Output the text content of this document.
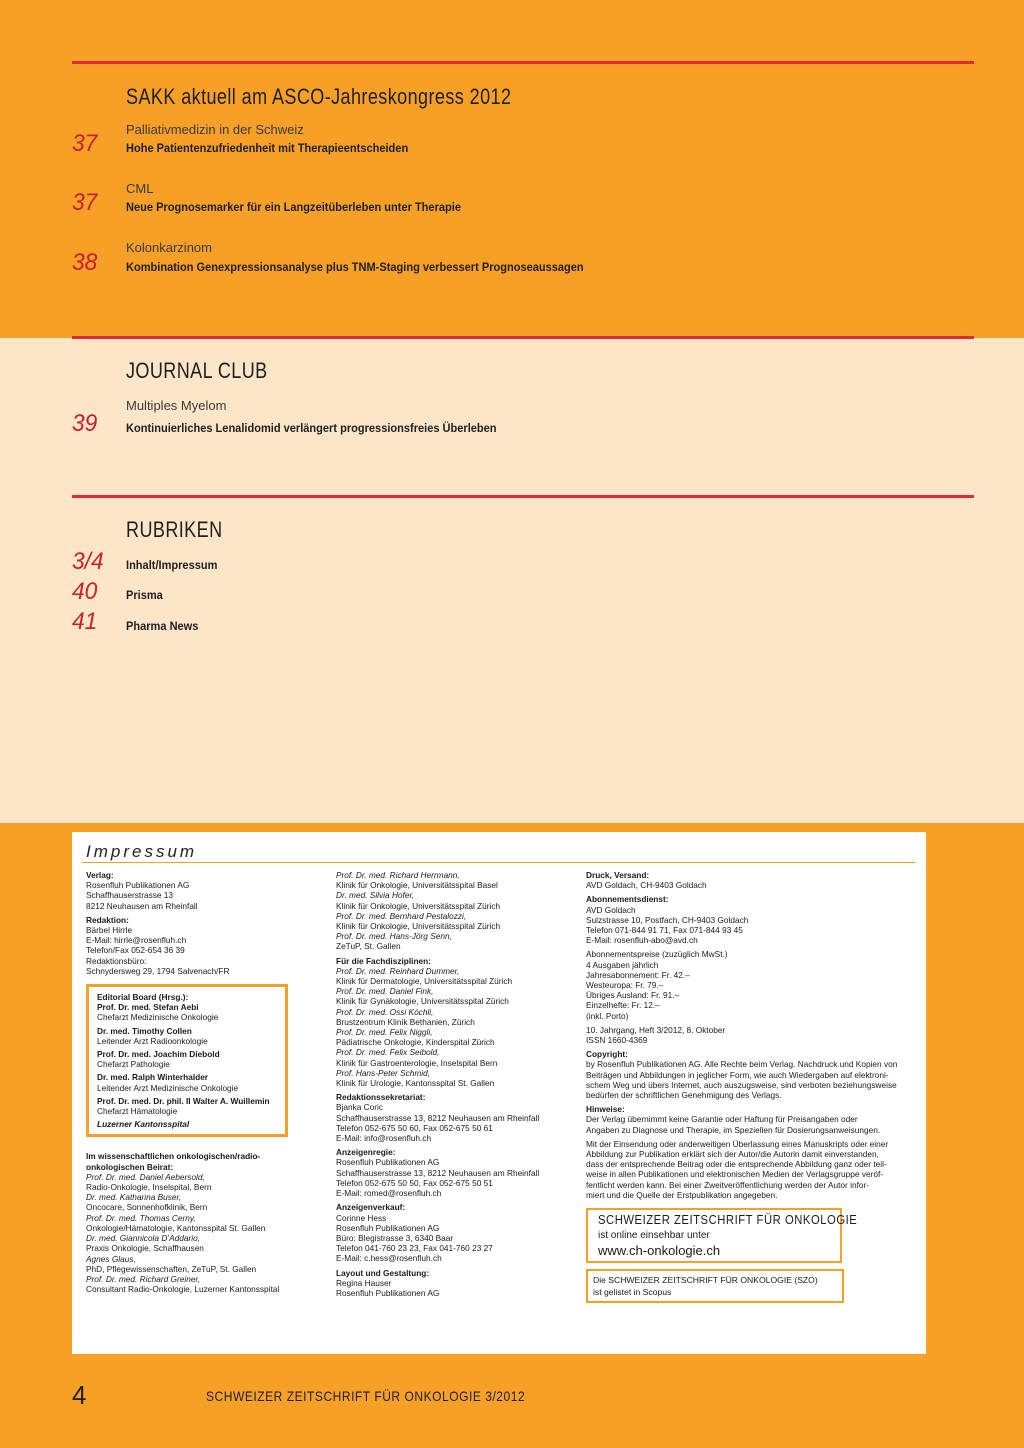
SAKK aktuell am ASCO-Jahreskongress 2012
Palliativmedizin in der Schweiz
37 Hohe Patientenzufriedenheit mit Therapieentscheiden
CML
37 Neue Prognosemarker für ein Langzeitüberleben unter Therapie
Kolonkarzinom
38 Kombination Genexpressionsanalyse plus TNM-Staging verbessert Prognoseaussagen
JOURNAL CLUB
Multiples Myelom
39 Kontinuierliches Lenalidomid verlängert progressionsfreies Überleben
RUBRIKEN
3/4 Inhalt/Impressum
40 Prisma
41 Pharma News
Impressum
Verlag:
Rosenfluh Publikationen AG
Schaffhauserstrasse 13
8212 Neuhausen am Rheinfall
Redaktion:
Bärbel Hirrle
E-Mail: hirrle@rosenfluh.ch
Telefon/Fax 052-654 36 39
Redaktionsbüro:
Schnydersweg 29, 1794 Salvenach/FR
Editorial Board (Hrsg.):
Prof. Dr. med. Stefan Aebi
Chefarzt Medizinische Onkologie
Dr. med. Timothy Collen
Leitender Arzt Radioonkologie
Prof. Dr. med. Joachim Diebold
Chefarzt Pathologie
Dr. med. Ralph Winterhalder
Leitender Arzt Medizinische Onkologie
Prof. Dr. med. Dr. phil. II Walter A. Wuillemin
Chefarzt Hämatologie
Luzerner Kantonsspital
Im wissenschaftlichen onkologischen/radio-onkologischen Beirat:
Prof. Dr. med. Daniel Aebersold,
Radio-Onkologie, Inselspital, Bern
Dr. med. Katharina Buser,
Oncocare, Sonnenhofklinik, Bern
Prof. Dr. med. Thomas Cerny,
Onkologie/Hämatologie, Kantonsspital St. Gallen
Dr. med. Giannicola D’Addario,
Praxis Onkologie, Schaffhausen
Agnes Glaus,
PhD, Pflegewissenschaften, ZeTuP, St. Gallen
Prof. Dr. med. Richard Greiner,
Consultant Radio-Onkologie, Luzerner Kantonsspital
Prof. Dr. med. Richard Herrmann,
Klinik für Onkologie, Universitätsspital Basel
Dr. med. Silvia Hofer,
Klinik für Onkologie, Universitätsspital Zürich
Prof. Dr. med. Bernhard Pestalozzi,
Klinik für Onkologie, Universitätsspital Zürich
Prof. Dr. med. Hans-Jörg Senn,
ZeTuP, St. Gallen
Für die Fachdisziplinen:
Prof. Dr. med. Reinhard Dummer,
Klinik für Dermatologie, Universitätsspital Zürich
Prof. Dr. med. Daniel Fink,
Klinik für Gynäkologie, Universitätsspital Zürich
Prof. Dr. med. Ossi Köchli,
Brustzentrum Klinik Bethanien, Zürich
Prof. Dr. med. Felix Niggli,
Pädiatrische Onkologie, Kinderspital Zürich
Prof. Dr. med. Felix Seibold,
Klinik für Gastroenterologie, Inselspital Bern
Prof. Hans-Peter Schmid,
Klinik für Urologie, Kantonsspital St. Gallen
Redaktionssekretariat:
Bjanka Coric
Schaffhauserstrasse 13, 8212 Neuhausen am Rheinfall
Telefon 052-675 50 60, Fax 052-675 50 61
E-Mail: info@rosenfluh.ch
Anzeigenregie:
Rosenfluh Publikationen AG
Schaffhauserstrasse 13, 8212 Neuhausen am Rheinfall
Telefon 052-675 50 50, Fax 052-675 50 51
E-Mail: romed@rosenfluh.ch
Anzeigenverkauf:
Corinne Hess
Rosenfluh Publikationen AG
Büro: Blegistrasse 3, 6340 Baar
Telefon 041-760 23 23, Fax 041-760 23 27
E-Mail: c.hess@rosenfluh.ch
Layout und Gestaltung:
Regina Hauser
Rosenfluh Publikationen AG
Druck, Versand:
AVD Goldach, CH-9403 Goldach
Abonnementsdienst:
AVD Goldach
Sulzstrasse 10, Postfach, CH-9403 Goldach
Telefon 071-844 91 71, Fax 071-844 93 45
E-Mail: rosenfluh-abo@avd.ch
Abonnementspreise (zuzüglich MwSt.)
4 Ausgaben jährlich
Jahresabonnement: Fr. 42.–
Westeuropa: Fr. 79.–
Übriges Ausland: Fr. 91.–
Einzelhefte: Fr. 12.–
(inkl. Porto)
10. Jahrgang, Heft 3/2012, 8. Oktober
ISSN 1660-4369
Copyright:
by Rosenfluh Publikationen AG. Alle Rechte beim Verlag. Nachdruck und Kopien von
Beiträgen und Abbildungen in jeglicher Form, wie auch Wiedergaben auf elektroni-
schem Weg und übers Internet, auch auszugsweise, sind verboten beziehungsweise
bedürfen der schriftlichen Genehmigung des Verlags.
Hinweise:
Der Verlag übernimmt keine Garantie oder Haftung für Preisangaben oder
Angaben zu Diagnose und Therapie, im Speziellen für Dosierungsanweisungen.
Mit der Einsendung oder anderweitigen Überlassung eines Manuskripts oder einer
Abbildung zur Publikation erklärt sich der Autor/die Autorin damit einverstanden,
dass der entsprechende Beitrag oder die entsprechende Abbildung ganz oder teil-
weise in allen Publikationen und elektronischen Medien der Verlagsgruppe veröf-
fentlicht werden kann. Bei einer Zweitveröffentlichung werden der Autor infor-
miert und die Quelle der Erstpublikation angegeben.
SCHWEIZER ZEITSCHRIFT FÜR ONKOLOGIE
ist online einsehbar unter
www.ch-onkologie.ch
Die SCHWEIZER ZEITSCHRIFT FÜR ONKOLOGIE (SZO)
ist gelistet in Scopus
4	SCHWEIZER ZEITSCHRIFT FÜR ONKOLOGIE 3/2012
